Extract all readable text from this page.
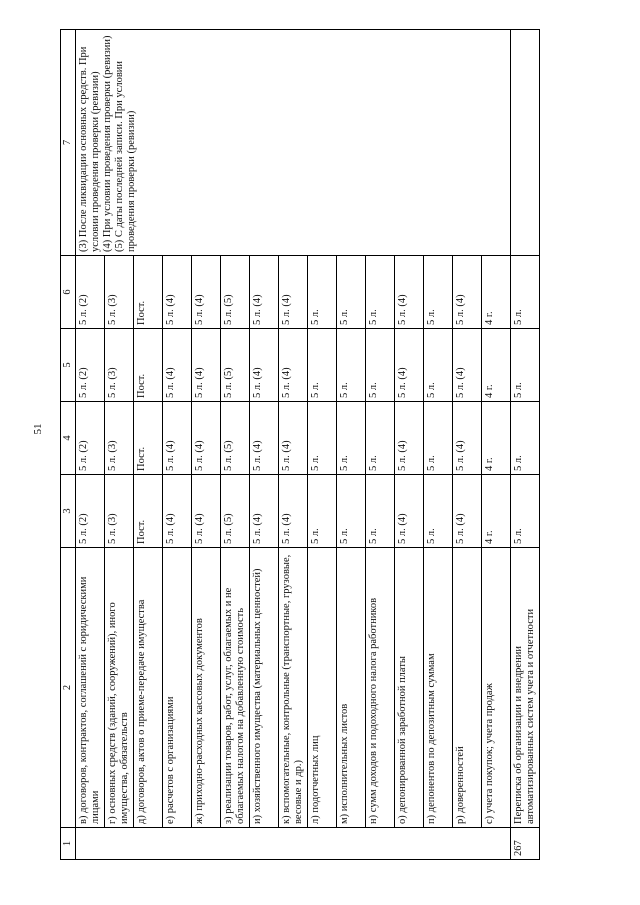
51
1	2	3	4	5	6	7
	в) договоров, контрактов, соглашений с юридическими лицами	5 л. (2)	5 л. (2)	5 л. (2)	5 л. (2)	(3) После ликвидации основных средств. При условии проведения проверки (ревизии) (4) При условии проведения проверки (ревизии) (5) С даты последней записи. При условии проведения проверки (ревизии)

	г) основных средств (зданий, сооружений), иного имущества, обязательств	5 л. (3)	5 л. (3)	5 л. (3)	5 л. (3)	
	д) договоров, актов о приеме-передаче имущества	Пост.	Пост.	Пост.	Пост.	
	е) расчетов с организациями	5 л. (4)	5 л. (4)	5 л. (4)	5 л. (4)	
	ж) приходно-расходных кассовых документов	5 л. (4)	5 л. (4)	5 л. (4)	5 л. (4)	
	з) реализации товаров, работ, услуг, облагаемых и не облагаемых налогом на добавленную стоимость	5 л. (5)	5 л. (5)	5 л. (5)	5 л. (5)	
	и) хозяйственного имущества (материальных ценностей)	5 л. (4)	5 л. (4)	5 л. (4)	5 л. (4)	
	к) вспомогательные, контрольные (транспортные, грузовые, весовые и др.)	5 л. (4)	5 л. (4)	5 л. (4)	5 л. (4)	
	л) подотчетных лиц	5 л.	5 л.	5 л.	5 л.	
	м) исполнительных листов	5 л.	5 л.	5 л.	5 л.	
	н) сумм доходов и подоходного налога работников	5 л.	5 л.	5 л.	5 л.	
	о) депонированной заработной платы	5 л. (4)	5 л. (4)	5 л. (4)	5 л. (4)	
	п) депонентов по депозитным суммам	5 л.	5 л.	5 л.	5 л.	
	р) доверенностей	5 л. (4)	5 л. (4)	5 л. (4)	5 л. (4)	
	с) учета покупок; учета продаж	4 г.	4 г.	4 г.	4 г.	
267	Переписка об организации и внедрении автоматизированных систем учета и отчетности	5 л.	5 л.	5 л.	5 л.	
